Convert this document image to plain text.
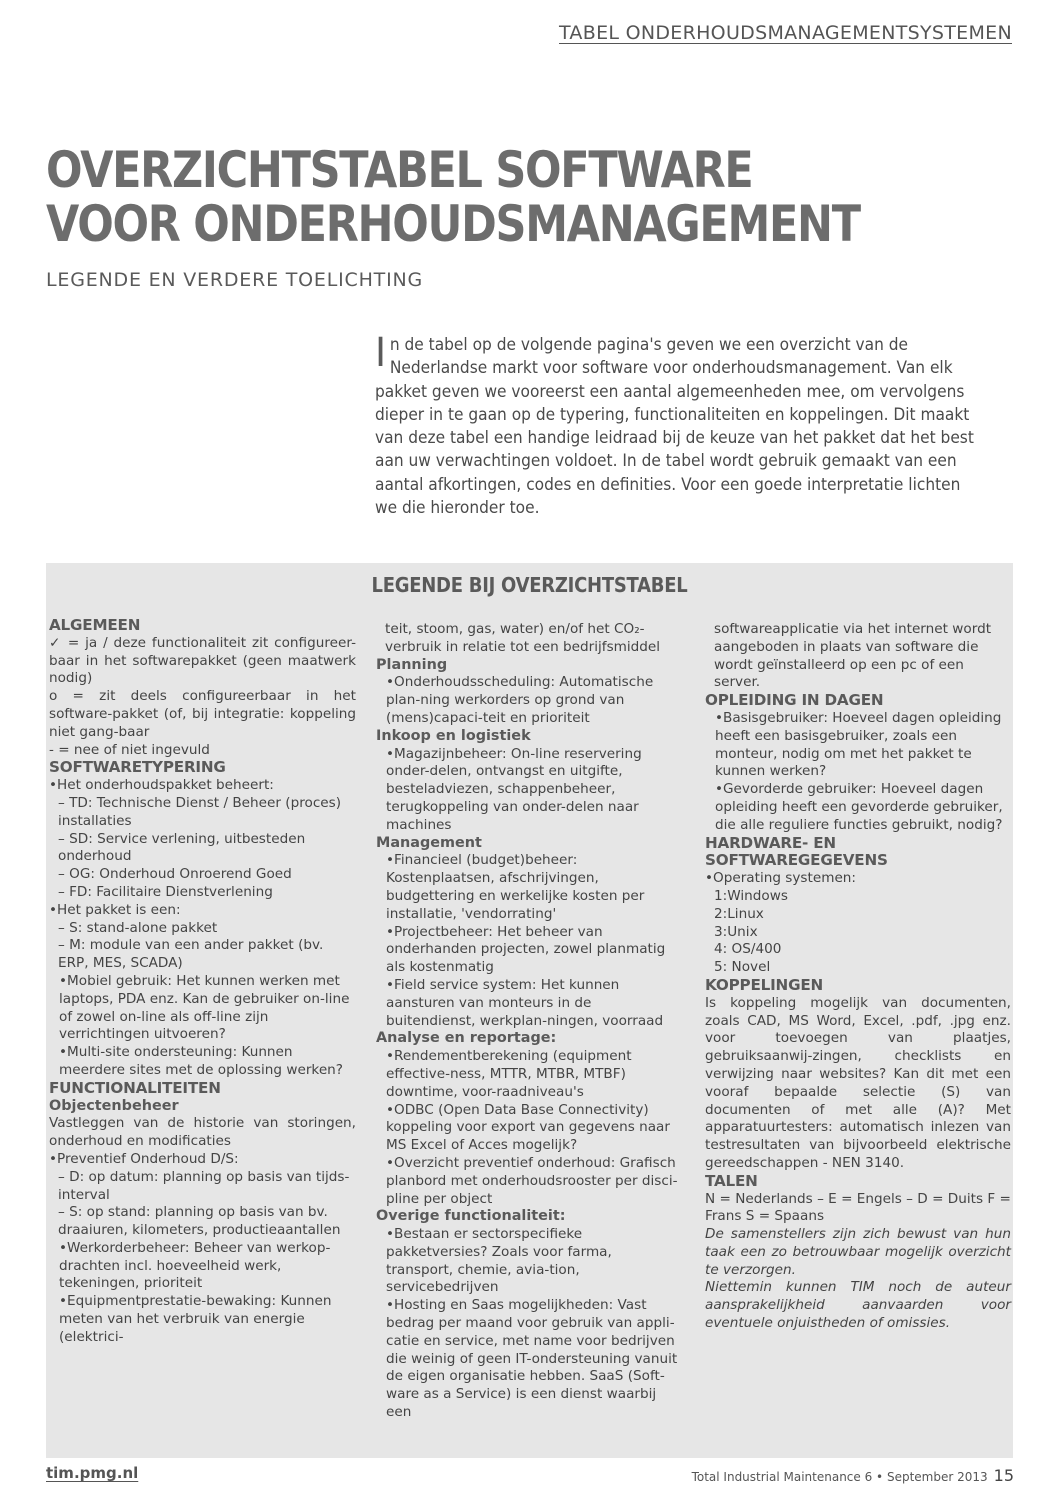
TABEL ONDERHOUDSMANAGEMENTSYSTEMEN
OVERZICHTSTABEL SOFTWARE
VOOR ONDERHOUDSMANAGEMENT
LEGENDE EN VERDERE TOELICHTING
In de tabel op de volgende pagina's geven we een overzicht van de Nederlandse markt voor software voor onderhoudsmanagement. Van elk pakket geven we vooreerst een aantal algemeenheden mee, om vervolgens dieper in te gaan op de typering, functionaliteiten en koppelingen. Dit maakt van deze tabel een handige leidraad bij de keuze van het pakket dat het best aan uw verwachtingen voldoet. In de tabel wordt gebruik gemaakt van een aantal afkortingen, codes en definities. Voor een goede interpretatie lichten we die hieronder toe.
LEGENDE BIJ OVERZICHTSTABEL

ALGEMEEN

✓ = ja / deze functionaliteit zit configureer-baar in het softwarepakket (geen maatwerk nodig)

o = zit deels configureerbaar in het software-pakket (of, bij integratie: koppeling niet gang-baar

- = nee of niet ingevuld

SOFTWARETYPERING

•Het onderhoudspakket beheert:

– TD: Technische Dienst / Beheer (proces) installaties

– SD: Service verlening, uitbesteden onderhoud

– OG: Onderhoud Onroerend Goed

– FD: Facilitaire Dienstverlening

•Het pakket is een:

– S: stand-alone pakket

– M: module van een ander pakket (bv. ERP, MES, SCADA)

•Mobiel gebruik: Het kunnen werken met laptops, PDA enz. Kan de gebruiker on-line of zowel on-line als off-line zijn verrichtingen uitvoeren?

•Multi-site ondersteuning: Kunnen meerdere sites met de oplossing werken?

FUNCTIONALITEITEN

Objectenbeheer

Vastleggen van de historie van storingen, onderhoud en modificaties

•Preventief Onderhoud D/S:

– D: op datum: planning op basis van tijds-interval

– S: op stand: planning op basis van bv. draaiuren, kilometers, productieaantallen

•Werkorderbeheer: Beheer van werkop-drachten incl. hoeveelheid werk, tekeningen, prioriteit

•Equipmentprestatie-bewaking: Kunnen meten van het verbruik van energie (elektrici-

teit, stoom, gas, water) en/of het CO₂-verbruik in relatie tot een bedrijfsmiddel

Planning

•Onderhoudsscheduling: Automatische plan-ning werkorders op grond van (mens)capaci-teit en prioriteit

Inkoop en logistiek

•Magazijnbeheer: On-line reservering onder-delen, ontvangst en uitgifte, besteladviezen, schappenbeheer, terugkoppeling van onder-delen naar machines

Management

•Financieel (budget)beheer: Kostenplaatsen, afschrijvingen, budgettering en werkelijke kosten per installatie, 'vendorrating'

•Projectbeheer: Het beheer van onderhanden projecten, zowel planmatig als kostenmatig

•Field service system: Het kunnen aansturen van monteurs in de buitendienst, werkplan-ningen, voorraad

Analyse en reportage:

•Rendementberekening (equipment effective-ness, MTTR, MTBR, MTBF) downtime, voor-raadniveau's

•ODBC (Open Data Base Connectivity) koppeling voor export van gegevens naar MS Excel of Acces mogelijk?

•Overzicht preventief onderhoud: Grafisch planbord met onderhoudsrooster per disci-pline per object

Overige functionaliteit:

•Bestaan er sectorspecifieke pakketversies? Zoals voor farma, transport, chemie, avia-tion, servicebedrijven

•Hosting en Saas mogelijkheden: Vast bedrag per maand voor gebruik van appli-catie en service, met name voor bedrijven die weinig of geen IT-ondersteuning vanuit de eigen organisatie hebben. SaaS (Soft-ware as a Service) is een dienst waarbij een

softwareapplicatie via het internet wordt aangeboden in plaats van software die wordt geïnstalleerd op een pc of een server.

OPLEIDING IN DAGEN

•Basisgebruiker: Hoeveel dagen opleiding heeft een basisgebruiker, zoals een monteur, nodig om met het pakket te kunnen werken?

•Gevorderde gebruiker: Hoeveel dagen opleiding heeft een gevorderde gebruiker, die alle reguliere functies gebruikt, nodig?

HARDWARE- EN SOFTWAREGEGEVENS

•Operating systemen:

1:Windows

2:Linux

3:Unix

4: OS/400

5: Novel

KOPPELINGEN

Is koppeling mogelijk van documenten, zoals CAD, MS Word, Excel, .pdf, .jpg enz. voor toevoegen van plaatjes, gebruiksaanwij-zingen, checklists en verwijzing naar websites? Kan dit met een vooraf bepaalde selectie (S) van documenten of met alle (A)? Met apparatuurtesters: automatisch inlezen van testresultaten van bijvoorbeeld elektrische gereedschappen - NEN 3140.

TALEN

N = Nederlands – E = Engels – D = Duits F = Frans S = Spaans

De samenstellers zijn zich bewust van hun taak een zo betrouwbaar mogelijk overzicht te verzorgen.

Niettemin kunnen TIM noch de auteur aansprakelijkheid aanvaarden voor eventuele onjuistheden of omissies.

tim.pmg.nl	Total Industrial Maintenance 6 • September 2013 15
